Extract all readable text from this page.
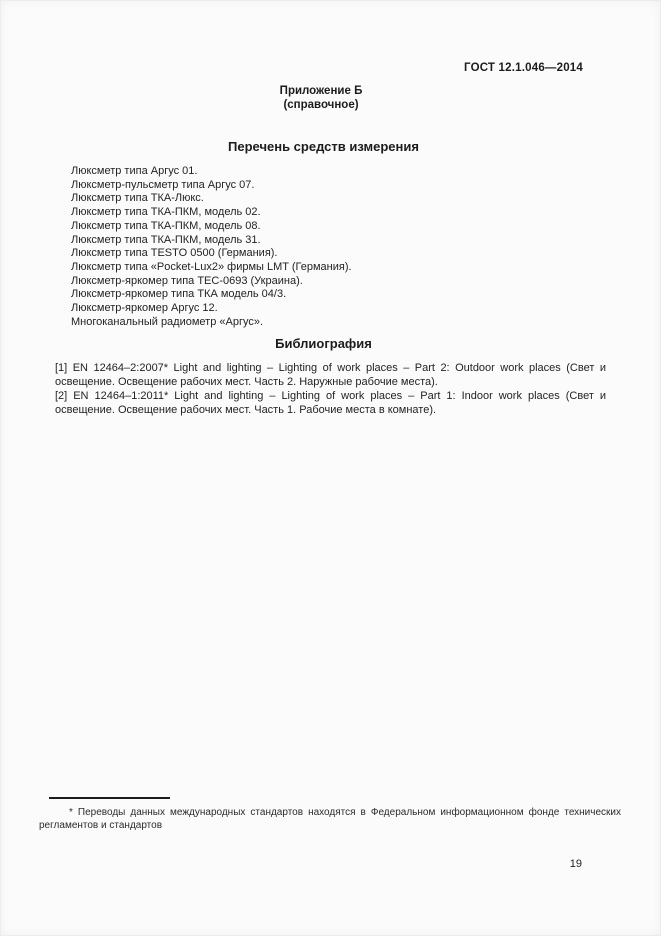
ГОСТ 12.1.046—2014
Приложение Б
(справочное)
Перечень средств измерения
Люксметр типа Аргус 01.
Люксметр-пульсметр типа Аргус 07.
Люксметр типа ТКА-Люкс.
Люксметр типа ТКА-ПКМ, модель 02.
Люксметр типа ТКА-ПКМ, модель 08.
Люксметр типа ТКА-ПКМ, модель 31.
Люксметр типа TESTO 0500 (Германия).
Люксметр типа «Pocket-Lux2» фирмы LMT (Германия).
Люксметр-яркомер типа ТЕС-0693 (Украина).
Люксметр-яркомер типа ТКА модель 04/3.
Люксметр-яркомер Аргус 12.
Многоканальный радиометр «Аргус».
Библиография

[1] EN 12464–2:2007* Light and lighting – Lighting of work places – Part 2: Outdoor work places (Свет и освещение. Освещение рабочих мест. Часть 2. Наружные рабочие места).

[2] EN 12464–1:2011* Light and lighting – Lighting of work places – Part 1: Indoor work places (Свет и освещение. Освещение рабочих мест. Часть 1. Рабочие места в комнате).

* Переводы данных международных стандартов находятся в Федеральном информационном фонде технических регламентов и стандартов

19
